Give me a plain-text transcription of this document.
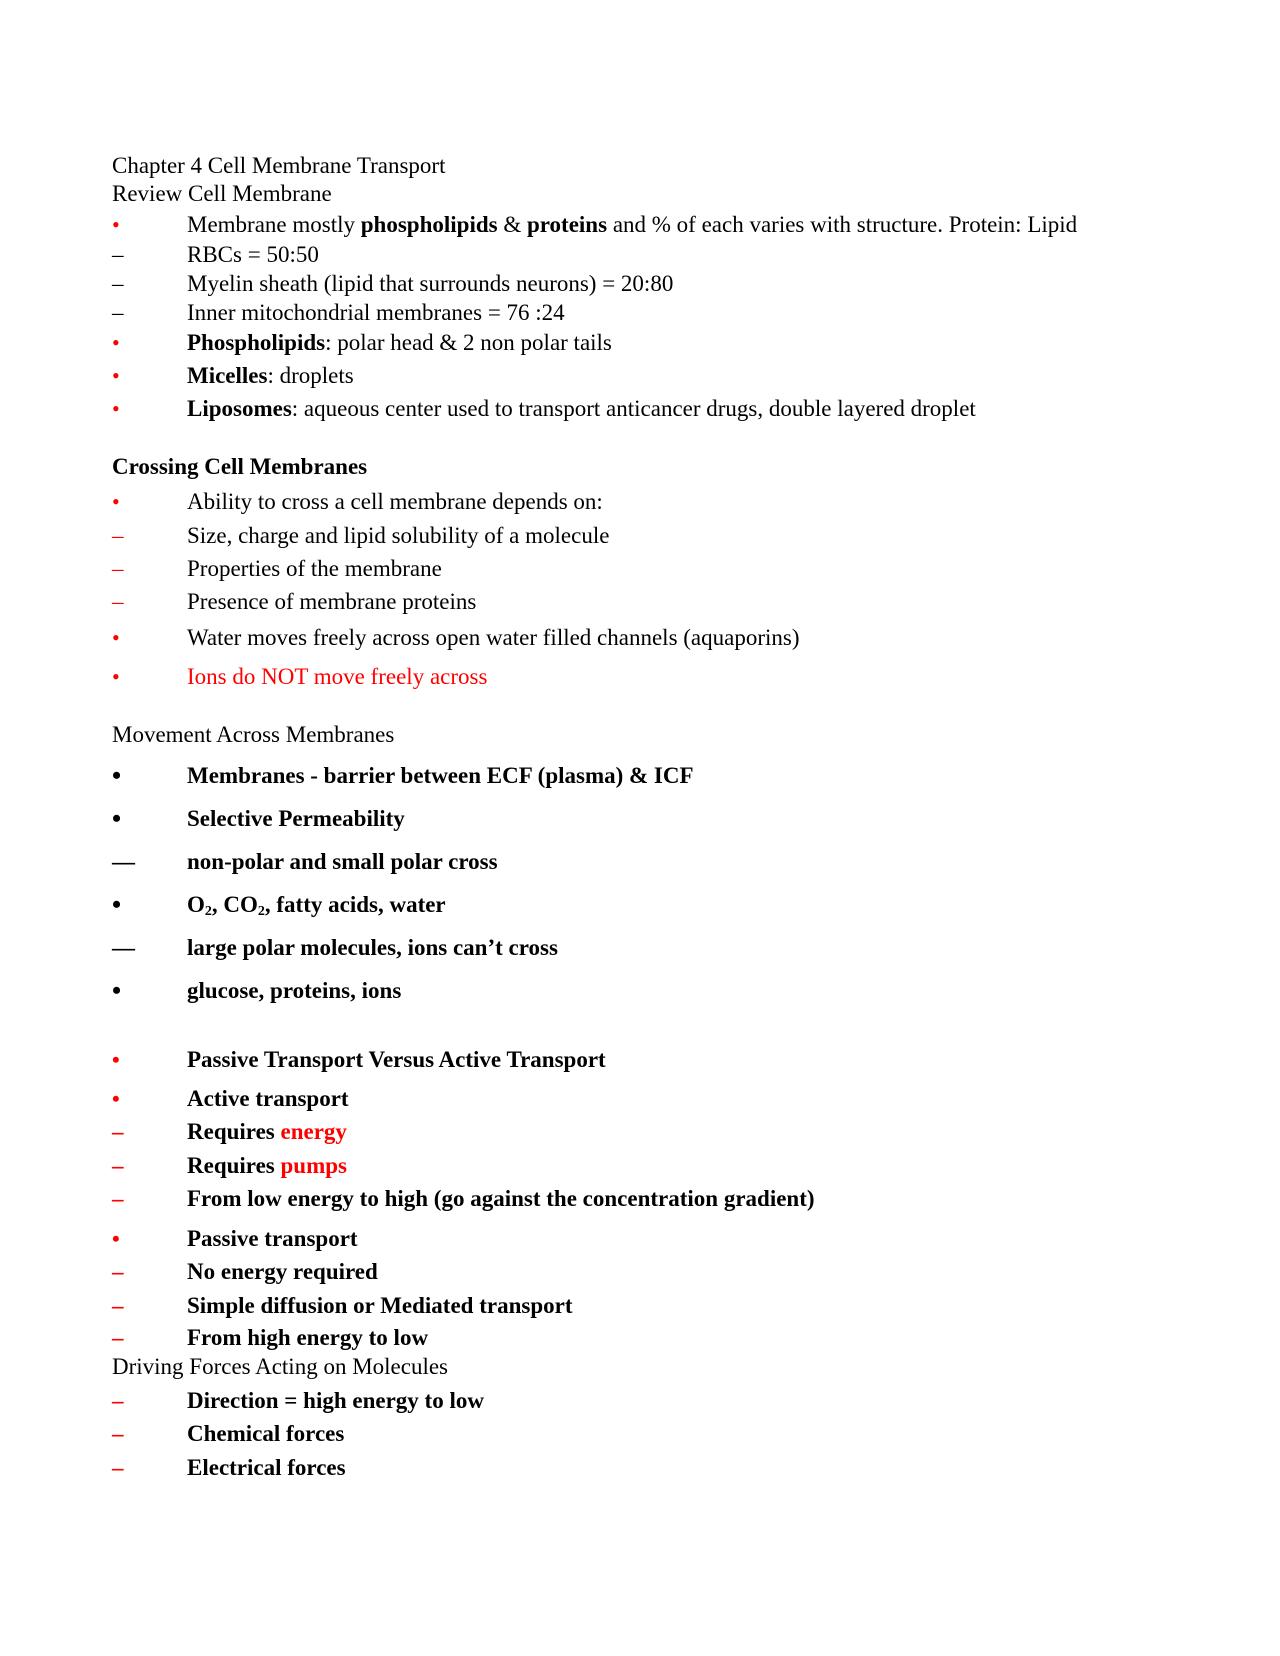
Chapter 4 Cell Membrane Transport
Review Cell Membrane
•	Membrane mostly phospholipids & proteins and % of each varies with structure. Protein: Lipid
–	RBCs = 50:50
–	Myelin sheath (lipid that surrounds neurons) = 20:80
–	Inner mitochondrial membranes = 76 :24
•	Phospholipids: polar head & 2 non polar tails
•	Micelles: droplets
•	Liposomes: aqueous center used to transport anticancer drugs, double layered droplet
Crossing Cell Membranes
•	Ability to cross a cell membrane depends on:
–	Size, charge and lipid solubility of a molecule
–	Properties of the membrane
–	Presence of membrane proteins
•	Water moves freely across open water filled channels (aquaporins)
•	Ions do NOT move freely across
Movement Across Membranes
•	Membranes - barrier between ECF (plasma) & ICF
•	Selective Permeability
—	non-polar and small polar cross
•	$O_2$, $CO_2$, fatty acids, water
—	large polar molecules, ions can’t cross
•	glucose, proteins, ions
•	Passive Transport Versus Active Transport
•	Active transport
–	Requires energy
–	Requires pumps
–	From low energy to high (go against the concentration gradient)
•	Passive transport
–	No energy required
–	Simple diffusion or Mediated transport
–	From high energy to low
Driving Forces Acting on Molecules
–	Direction = high energy to low
–	Chemical forces
–	Electrical forces
